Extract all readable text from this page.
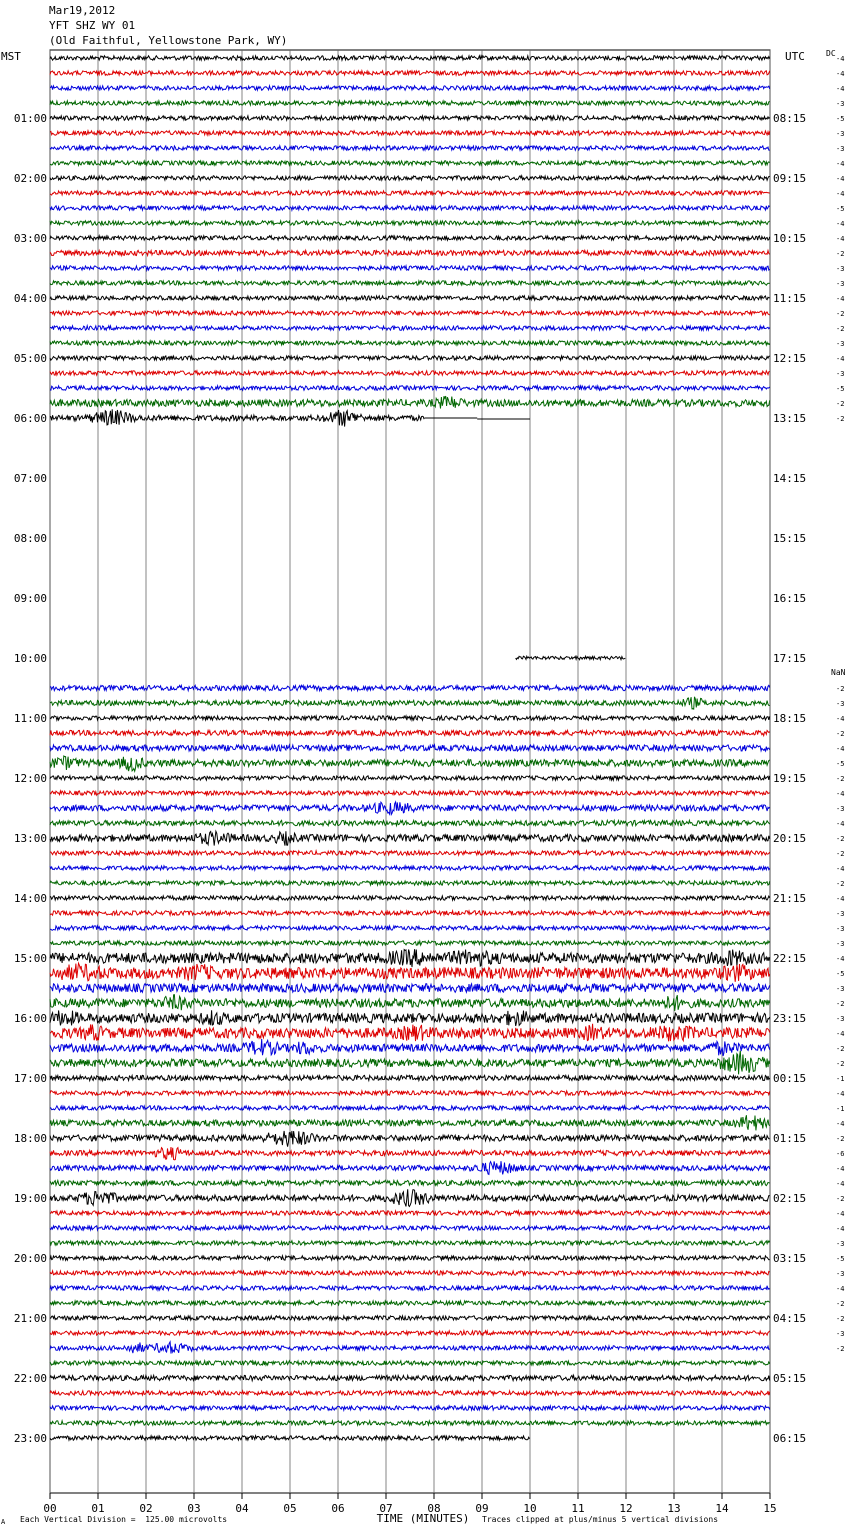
01:00
02:00
03:00
04:00
05:00
06:00
07:00
08:00
09:00
10:00
11:00
12:00
13:00
14:00
15:00
16:00
17:00
18:00
19:00
20:00
21:00
22:00
23:00
08:15
09:15
10:15
11:15
12:15
13:15
14:15
15:15
16:15
17:15
18:15
19:15
20:15
21:15
22:15
23:15
00:15
01:15
02:15
03:15
04:15
05:15
06:15
-4
-4
-4
-3
-5
-3
-3
-4
-4
-4
-5
-4
-4
-2
-3
-3
-4
-2
-2
-3
-4
-3
-5
-2
-2
-2
-3
-4
-2
-4
-5
-2
-4
-3
-4
-2
-2
-4
-2
-4
-3
-3
-3
-4
-5
-3
-2
-3
-4
-2
-2
-1
-4
-1
-4
-2
-6
-4
-4
-2
-4
-4
-3
-5
-3
-4
-2
-2
-3
-2
00	01	02	03	04	05	06	07	08	09	10	11	12	13	14	15
TIME (MINUTES)
Mar19,2012
YFT SHZ WY 01
(Old Faithful, Yellowstone Park, WY)
MST	UTC	DC
NaN
A Each Vertical Division =  125.00 microvolts	Traces clipped at plus/minus 5 vertical divisions
